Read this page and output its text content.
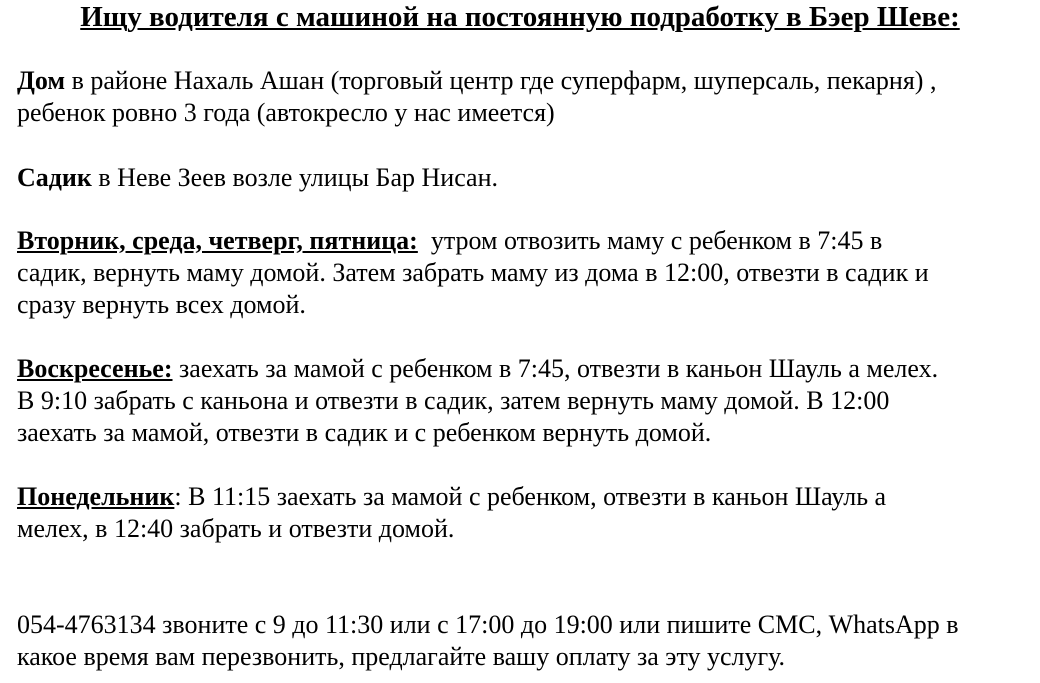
Ищу водителя с машиной на постоянную подработку в Бэер Шеве:

Дом в районе Нахаль Ашан (торговый центр где суперфарм, шуперсаль, пекарня) ,
ребенок ровно 3 года (автокресло у нас имеется)

Садик в Неве Зеев возле улицы Бар Нисан.

Вторник, среда, четверг, пятница:  утром отвозить маму с ребенком в 7:45 в
садик, вернуть маму домой. Затем забрать маму из дома в 12:00, отвезти в садик и
сразу вернуть всех домой.

Воскресенье: заехать за мамой с ребенком в 7:45, отвезти в каньон Шауль а мелех.
В 9:10 забрать с каньона и отвезти в садик, затем вернуть маму домой. В 12:00
заехать за мамой, отвезти в садик и с ребенком вернуть домой.

Понедельник: В 11:15 заехать за мамой с ребенком, отвезти в каньон Шауль а
мелех, в 12:40 забрать и отвезти домой.

054-4763134 звоните с 9 до 11:30 или с 17:00 до 19:00 или пишите СМС, WhatsApp в
какое время вам перезвонить, предлагайте вашу оплату за эту услугу.
